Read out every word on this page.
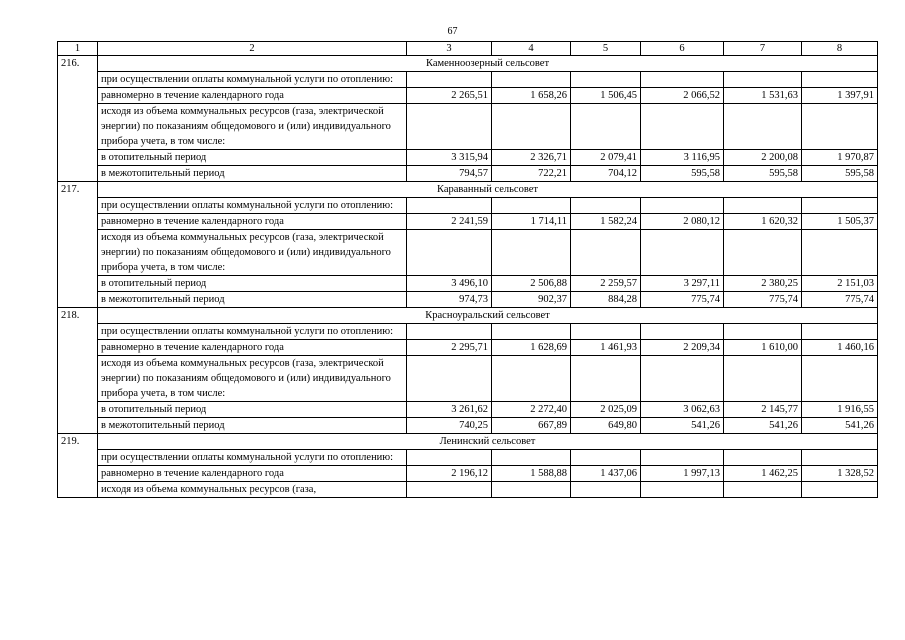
67
1	2	3	4	5	6	7	8
216.	Каменноозерный сельсовет						
	при осуществлении оплаты коммунальной услуги по отоплению:						
	равномерно в течение календарного года	2 265,51	1 658,26	1 506,45	2 066,52	1 531,63	1 397,91
	исходя из объема коммунальных ресурсов (газа, электрической энергии) по показаниям общедомового и (или) индивидуального прибора учета, в том числе:						
	в отопительный период	3 315,94	2 326,71	2 079,41	3 116,95	2 200,08	1 970,87
	в межотопительный период	794,57	722,21	704,12	595,58	595,58	595,58
217.	Караванный сельсовет						
	при осуществлении оплаты коммунальной услуги по отоплению:						
	равномерно в течение календарного года	2 241,59	1 714,11	1 582,24	2 080,12	1 620,32	1 505,37
	исходя из объема коммунальных ресурсов (газа, электрической энергии) по показаниям общедомового и (или) индивидуального прибора учета, в том числе:						
	в отопительный период	3 496,10	2 506,88	2 259,57	3 297,11	2 380,25	2 151,03
	в межотопительный период	974,73	902,37	884,28	775,74	775,74	775,74
218.	Красноуральский сельсовет						
	при осуществлении оплаты коммунальной услуги по отоплению:						
	равномерно в течение календарного года	2 295,71	1 628,69	1 461,93	2 209,34	1 610,00	1 460,16
	исходя из объема коммунальных ресурсов (газа, электрической энергии) по показаниям общедомового и (или) индивидуального прибора учета, в том числе:						
	в отопительный период	3 261,62	2 272,40	2 025,09	3 062,63	2 145,77	1 916,55
	в межотопительный период	740,25	667,89	649,80	541,26	541,26	541,26
219.	Ленинский сельсовет						
	при осуществлении оплаты коммунальной услуги по отоплению:						
	равномерно в течение календарного года	2 196,12	1 588,88	1 437,06	1 997,13	1 462,25	1 328,52
	исходя из объема коммунальных ресурсов (газа,						
